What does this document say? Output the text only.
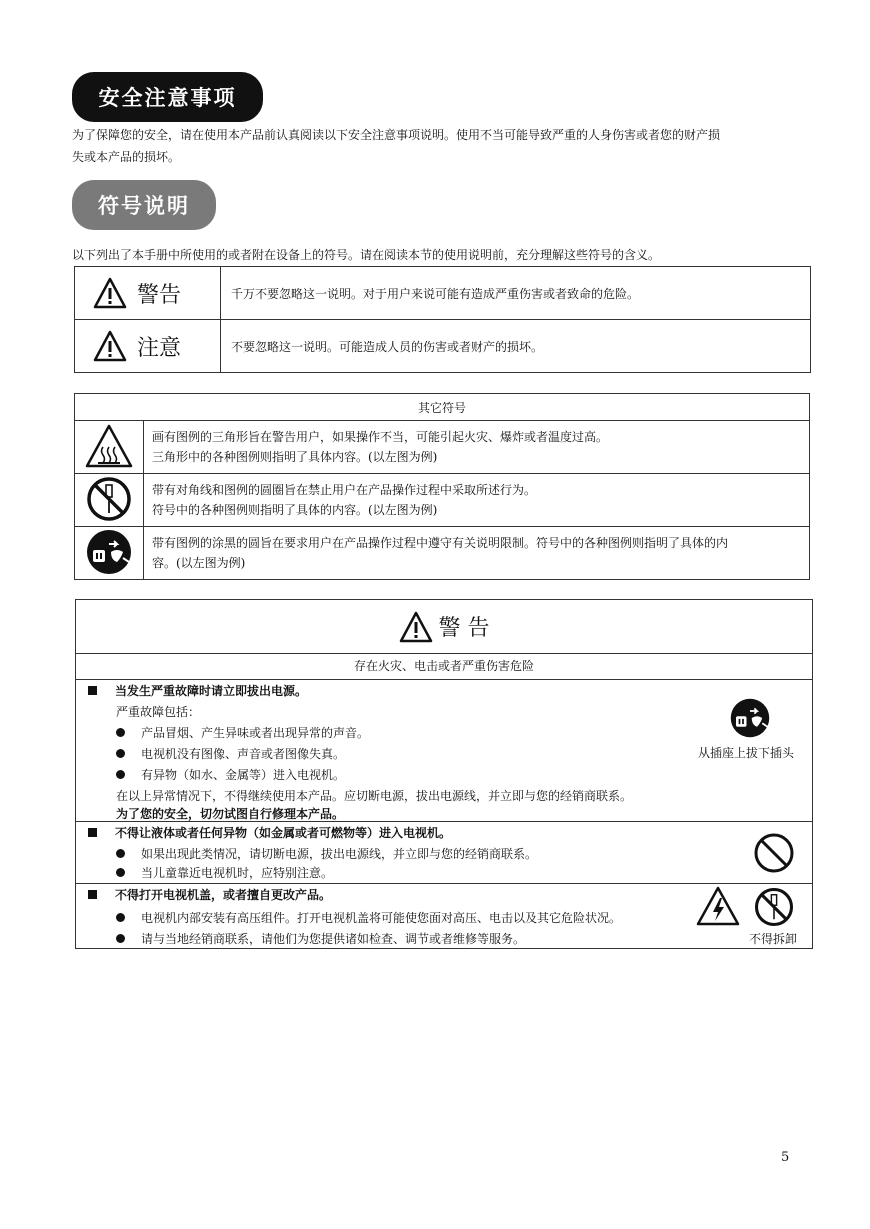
安全注意事项
为了保障您的安全，请在使用本产品前认真阅读以下安全注意事项说明。使用不当可能导致严重的人身伤害或者您的财产损
失或本产品的损坏。
符号说明
以下列出了本手册中所使用的或者附在设备上的符号。请在阅读本节的使用说明前，充分理解这些符号的含义。
警告	千万不要忽略这一说明。对于用户来说可能有造成严重伤害或者致命的危险。

注意	不要忽略这一说明。可能造成人员的伤害或者财产的损坏。
其它符号	

画有图例的三角形旨在警告用户，如果操作不当，可能引起火灾、爆炸或者温度过高。
三角形中的各种图例则指明了具体内容。(以左图为例)

带有对角线和图例的圆圈旨在禁止用户在产品操作过程中采取所述行为。
符号中的各种图例则指明了具体的内容。(以左图为例)

带有图例的涂黑的圆旨在要求用户在产品操作过程中遵守有关说明限制。符号中的各种图例则指明了具体的内
容。(以左图为例)
警 告
存在火灾、电击或者严重伤害危险
当发生严重故障时请立即拔出电源。
严重故障包括：
产品冒烟、产生异味或者出现异常的声音。
电视机没有图像、声音或者图像失真。
有异物（如水、金属等）进入电视机。
在以上异常情况下，不得继续使用本产品。应切断电源，拔出电源线，并立即与您的经销商联系。
为了您的安全，切勿试图自行修理本产品。
从插座上拔下插头
不得让液体或者任何异物（如金属或者可燃物等）进入电视机。
如果出现此类情况，请切断电源，拔出电源线，并立即与您的经销商联系。
当儿童靠近电视机时，应特别注意。
不得打开电视机盖，或者擅自更改产品。
电视机内部安装有高压组件。打开电视机盖将可能使您面对高压、电击以及其它危险状况。
请与当地经销商联系，请他们为您提供诸如检查、调节或者维修等服务。	不得拆卸
5
